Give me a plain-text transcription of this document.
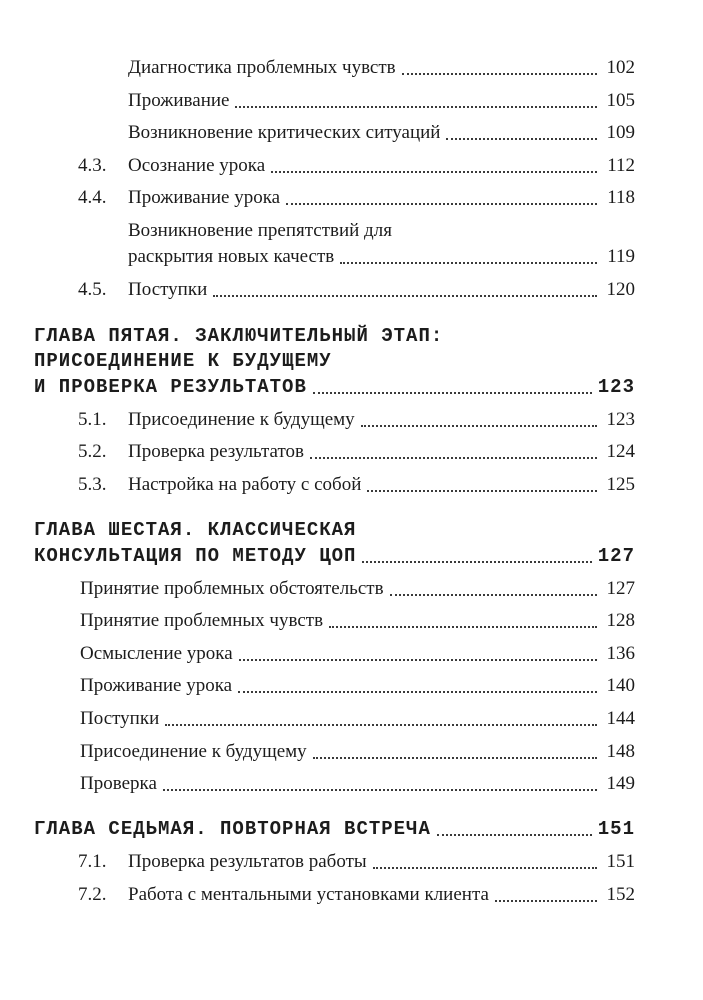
Диагностика проблемных чувств	102
Проживание	105
Возникновение критических ситуаций	109
4.3. Осознание урока	112
4.4. Проживание урока	118
Возникновение препятствий для
раскрытия новых качеств	119
4.5. Поступки	120
ГЛАВА ПЯТАЯ. ЗАКЛЮЧИТЕЛЬНЫЙ ЭТАП:
ПРИСОЕДИНЕНИЕ К БУДУЩЕМУ
И ПРОВЕРКА РЕЗУЛЬТАТОВ	123
5.1. Присоединение к будущему	123
5.2. Проверка результатов	124
5.3. Настройка на работу с собой	125
ГЛАВА ШЕСТАЯ. КЛАССИЧЕСКАЯ
КОНСУЛЬТАЦИЯ ПО МЕТОДУ ЦОП	127
Принятие проблемных обстоятельств	127
Принятие проблемных чувств	128
Осмысление урока	136
Проживание урока	140
Поступки	144
Присоединение к будущему	148
Проверка	149
ГЛАВА СЕДЬМАЯ. ПОВТОРНАЯ ВСТРЕЧА	151
7.1. Проверка результатов работы	151
7.2. Работа с ментальными установками клиента	152
